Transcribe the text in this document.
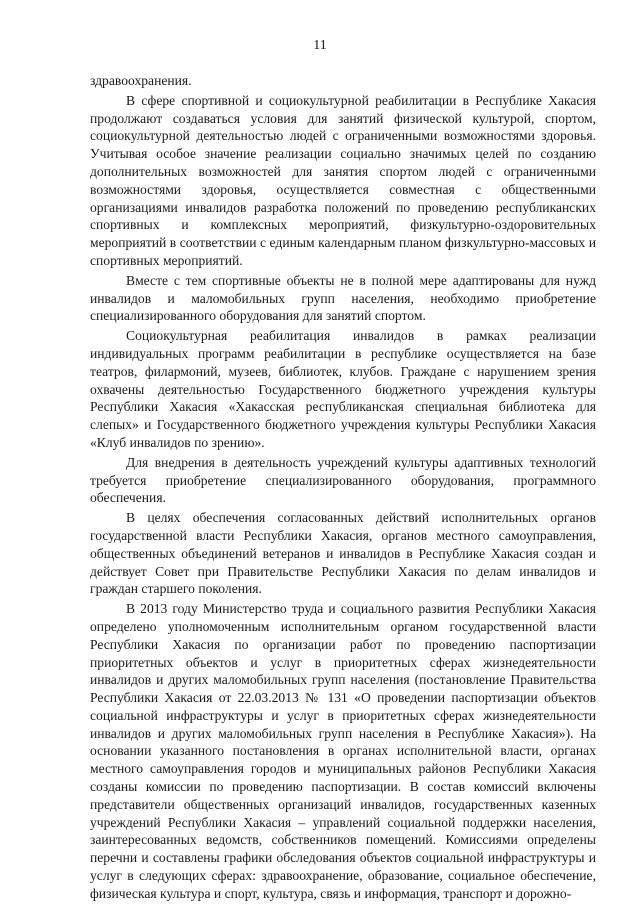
11

здравоохранения.

В сфере спортивной и социокультурной реабилитации в Республике Хакасия продолжают создаваться условия для занятий физической культурой, спортом, социокультурной деятельностью людей с ограниченными возможностями здоровья. Учитывая особое значение реализации социально значимых целей по созданию дополнительных возможностей для занятия спортом людей с ограниченными возможностями здоровья, осуществляется совместная с общественными организациями инвалидов разработка положений по проведению республиканских спортивных и комплексных мероприятий, физкультурно-оздоровительных мероприятий в соответствии с единым календарным планом физкультурно-массовых и спортивных мероприятий.

Вместе с тем спортивные объекты не в полной мере адаптированы для нужд инвалидов и маломобильных групп населения, необходимо приобретение специализированного оборудования для занятий спортом.

Социокультурная реабилитация инвалидов в рамках реализации индивидуальных программ реабилитации в республике осуществляется на базе театров, филармоний, музеев, библиотек, клубов. Граждане с нарушением зрения охвачены деятельностью Государственного бюджетного учреждения культуры Республики Хакасия «Хакасская республиканская специальная библиотека для слепых» и Государственного бюджетного учреждения культуры Республики Хакасия «Клуб инвалидов по зрению».

Для внедрения в деятельность учреждений культуры адаптивных технологий требуется приобретение специализированного оборудования, программного обеспечения.

В целях обеспечения согласованных действий исполнительных органов государственной власти Республики Хакасия, органов местного самоуправления, общественных объединений ветеранов и инвалидов в Республике Хакасия создан и действует Совет при Правительстве Республики Хакасия по делам инвалидов и граждан старшего поколения.

В 2013 году Министерство труда и социального развития Республики Хакасия определено уполномоченным исполнительным органом государственной власти Республики Хакасия по организации работ по проведению паспортизации приоритетных объектов и услуг в приоритетных сферах жизнедеятельности инвалидов и других маломобильных групп населения (постановление Правительства Республики Хакасия от 22.03.2013 № 131 «О проведении паспортизации объектов социальной инфраструктуры и услуг в приоритетных сферах жизнедеятельности инвалидов и других маломобильных групп населения в Республике Хакасия»). На основании указанного постановления в органах исполнительной власти, органах местного самоуправления городов и муниципальных районов Республики Хакасия созданы комиссии по проведению паспортизации. В состав комиссий включены представители общественных организаций инвалидов, государственных казенных учреждений Республики Хакасия – управлений социальной поддержки населения, заинтересованных ведомств, собственников помещений. Комиссиями определены перечни и составлены графики обследования объектов социальной инфраструктуры и услуг в следующих сферах: здравоохранение, образование, социальное обеспечение, физическая культура и спорт, культура, связь и информация, транспорт и дорожно-
